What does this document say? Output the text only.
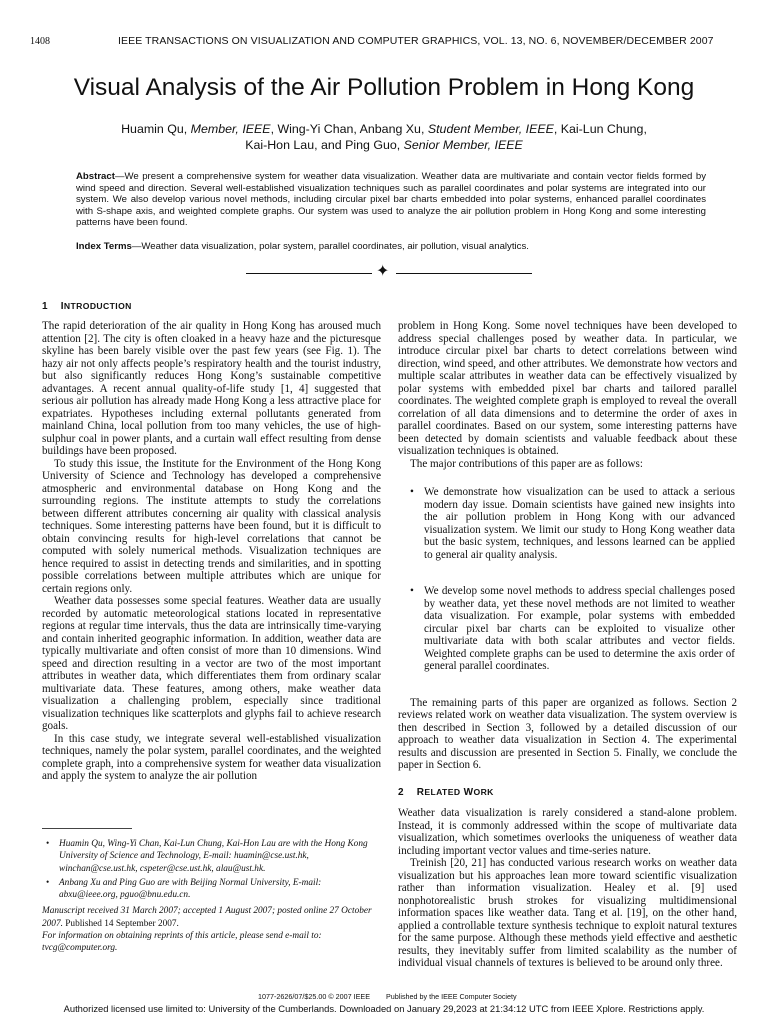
1408	IEEE TRANSACTIONS ON VISUALIZATION AND COMPUTER GRAPHICS, VOL. 13, NO. 6, NOVEMBER/DECEMBER 2007
Visual Analysis of the Air Pollution Problem in Hong Kong
Huamin Qu, Member, IEEE, Wing-Yi Chan, Anbang Xu, Student Member, IEEE, Kai-Lun Chung,
Kai-Hon Lau, and Ping Guo, Senior Member, IEEE
Abstract—We present a comprehensive system for weather data visualization. Weather data are multivariate and contain vector fields formed by wind speed and direction. Several well-established visualization techniques such as parallel coordinates and polar systems are integrated into our system. We also develop various novel methods, including circular pixel bar charts embedded into polar systems, enhanced parallel coordinates with S-shape axis, and weighted complete graphs. Our system was used to analyze the air pollution problem in Hong Kong and some interesting patterns have been found.
Index Terms—Weather data visualization, polar system, parallel coordinates, air pollution, visual analytics.
✦
1 INTRODUCTION

The rapid deterioration of the air quality in Hong Kong has aroused much attention [2]. The city is often cloaked in a heavy haze and the picturesque skyline has been barely visible over the past few years (see Fig. 1). The hazy air not only affects people’s respiratory health and the tourist industry, but also significantly reduces Hong Kong’s sustainable competitive advantages. A recent annual quality-of-life study [1, 4] suggested that serious air pollution has already made Hong Kong a less attractive place for expatriates. Hypotheses including external pollutants generated from mainland China, local pollution from too many vehicles, the use of high-sulphur coal in power plants, and a curtain wall effect resulting from dense buildings have been proposed.

To study this issue, the Institute for the Environment of the Hong Kong University of Science and Technology has developed a comprehensive atmospheric and environmental database on Hong Kong and the surrounding regions. The institute attempts to study the correlations between different attributes concerning air quality with classical analysis techniques. Some interesting patterns have been found, but it is difficult to obtain convincing results for high-level correlations that cannot be computed with solely numerical methods. Visualization techniques are hence required to assist in detecting trends and similarities, and in spotting possible correlations between multiple attributes which are unique for certain regions only.

Weather data possesses some special features. Weather data are usually recorded by automatic meteorological stations located in representative regions at regular time intervals, thus the data are intrinsically time-varying and contain inherited geographic information. In addition, weather data are typically multivariate and often consist of more than 10 dimensions. Wind speed and direction resulting in a vector are two of the most important attributes in weather data, which differentiates them from ordinary scalar multivariate data. These features, among others, make weather data visualization a challenging problem, especially since traditional visualization techniques like scatterplots and glyphs fail to achieve research goals.

In this case study, we integrate several well-established visualization techniques, namely the polar system, parallel coordinates, and the weighted complete graph, into a comprehensive system for weather data visualization and apply the system to analyze the air pollution

problem in Hong Kong. Some novel techniques have been developed to address special challenges posed by weather data. In particular, we introduce circular pixel bar charts to detect correlations between wind direction, wind speed, and other attributes. We demonstrate how vectors and multiple scalar attributes in weather data can be effectively visualized by polar systems with embedded pixel bar charts and tailored parallel coordinates. The weighted complete graph is employed to reveal the overall correlation of all data dimensions and to determine the order of axes in parallel coordinates. Based on our system, some interesting patterns have been detected by domain scientists and valuable feedback about these visualization techniques is obtained.

The major contributions of this paper are as follows:

• We demonstrate how visualization can be used to attack a serious modern day issue. Domain scientists have gained new insights into the air pollution problem in Hong Kong with our advanced visualization system. We limit our study to Hong Kong weather data but the basic system, techniques, and lessons learned can be applied to general air quality analysis.
• We develop some novel methods to address special challenges posed by weather data, yet these novel methods are not limited to weather data visualization. For example, polar systems with embedded circular pixel bar charts can be exploited to visualize other multivariate data with both scalar attributes and vector fields. Weighted complete graphs can be used to determine the axis order of general parallel coordinates.

The remaining parts of this paper are organized as follows. Section 2 reviews related work on weather data visualization. The system overview is then described in Section 3, followed by a detailed discussion of our approach to weather data visualization in Section 4. The experimental results and discussion are presented in Section 5. Finally, we conclude the paper in Section 6.

2 RELATED WORK

Weather data visualization is rarely considered a stand-alone problem. Instead, it is commonly addressed within the scope of multivariate data visualization, which sometimes overlooks the uniqueness of weather data including important vector values and time-series nature.

Treinish [20, 21] has conducted various research works on weather data visualization but his approaches lean more toward scientific visualization rather than information visualization. Healey et al. [9] used nonphotorealistic brush strokes for visualizing multidimensional information spaces like weather data. Tang et al. [19], on the other hand, applied a controllable texture synthesis technique to exploit natural textures for the same purpose. Although these methods yield effective and aesthetic results, they inevitably suffer from limited scalability as the number of individual visual channels of textures is believed to be around only three.

• Huamin Qu, Wing-Yi Chan, Kai-Lun Chung, Kai-Hon Lau are with the Hong Kong University of Science and Technology, E-mail: huamin@cse.ust.hk, winchan@cse.ust.hk, cspeter@cse.ust.hk, alau@ust.hk.
• Anbang Xu and Ping Guo are with Beijing Normal University, E-mail: abxu@ieee.org, pguo@bnu.edu.cn.
Manuscript received 31 March 2007; accepted 1 August 2007; posted online 27 October 2007. Published 14 September 2007.
For information on obtaining reprints of this article, please send e-mail to: tvcg@computer.org.
1077-2626/07/$25.00 © 2007 IEEE        Published by the IEEE Computer Society
Authorized licensed use limited to: University of the Cumberlands. Downloaded on January 29,2023 at 21:34:12 UTC from IEEE Xplore. Restrictions apply.
